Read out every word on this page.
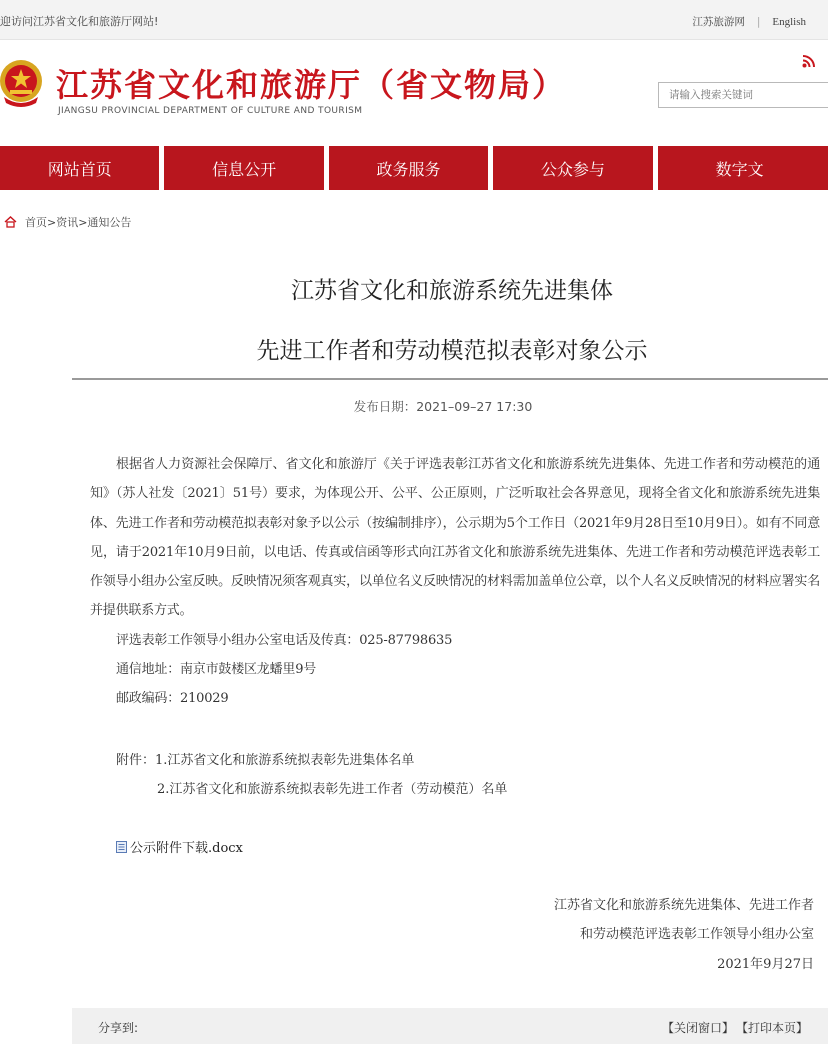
迎访问江苏省文化和旅游厅网站!	江苏旅游网 | English
江苏省文化和旅游厅（省文物局）
JIANGSU PROVINCIAL DEPARTMENT OF CULTURE AND TOURISM
请输入搜索关键词
网站首页	信息公开	政务服务	公众参与	数字文
首页>资讯>通知公告
江苏省文化和旅游系统先进集体
先进工作者和劳动模范拟表彰对象公示
发布日期：2021–09–27 17:30

根据省人力资源社会保障厅、省文化和旅游厅《关于评选表彰江苏省文化和旅游系统先进集体、先进工作者和劳动模范的通知》（苏人社发〔2021〕51号）要求，为体现公开、公平、公正原则，广泛听取社会各界意见，现将全省文化和旅游系统先进集体、先进工作者和劳动模范拟表彰对象予以公示（按编制排序），公示期为5个工作日（2021年9月28日至10月9日）。如有不同意见，请于2021年10月9日前，以电话、传真或信函等形式向江苏省文化和旅游系统先进集体、先进工作者和劳动模范评选表彰工作领导小组办公室反映。反映情况须客观真实，以单位名义反映情况的材料需加盖单位公章，以个人名义反映情况的材料应署实名并提供联系方式。

评选表彰工作领导小组办公室电话及传真：025-87798635
通信地址：南京市鼓楼区龙蟠里9号
邮政编码：210029
附件：1.江苏省文化和旅游系统拟表彰先进集体名单
2.江苏省文化和旅游系统拟表彰先进工作者（劳动模范）名单
公示附件下载.docx
江苏省文化和旅游系统先进集体、先进工作者
和劳动模范评选表彰工作领导小组办公室
2021年9月27日
分享到:	【关闭窗口】 【打印本页】
